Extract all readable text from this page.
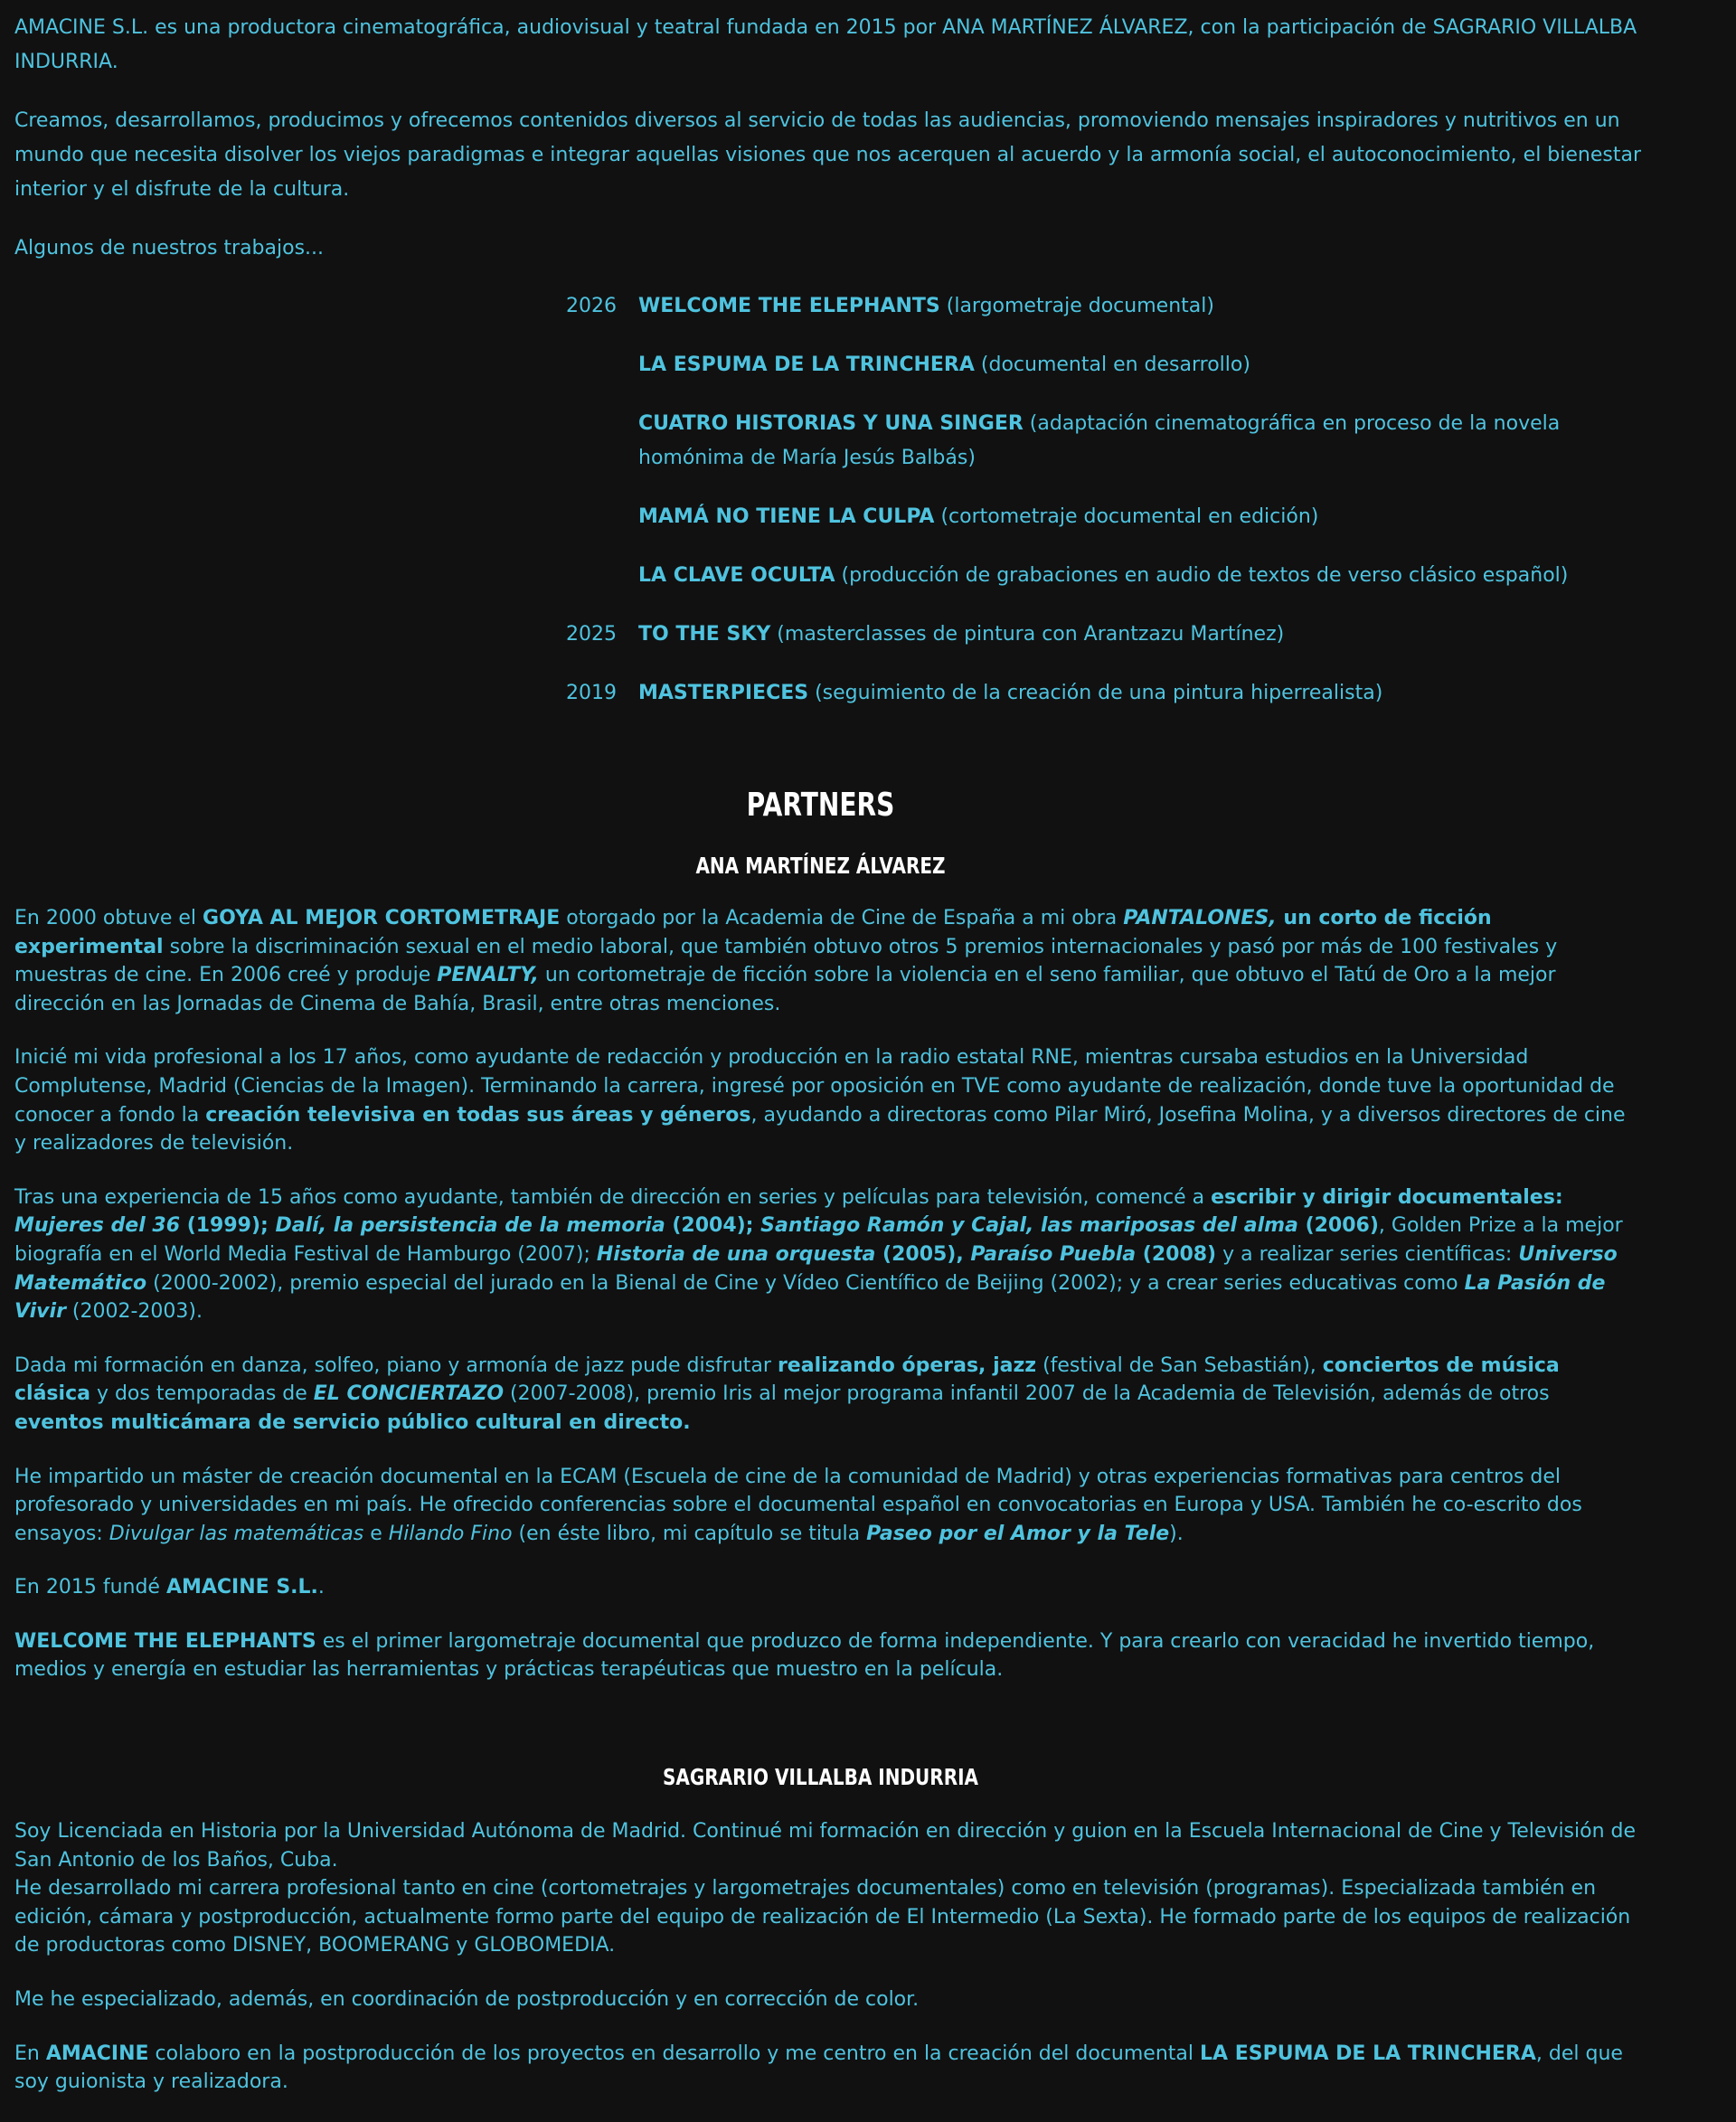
AMACINE S.L. es una productora cinematográfica, audiovisual y teatral fundada en 2015 por ANA MARTÍNEZ ÁLVAREZ, con la participación de SAGRARIO VILLALBA INDURRIA.

Creamos, desarrollamos, producimos y ofrecemos contenidos diversos al servicio de todas las audiencias, promoviendo mensajes inspiradores y nutritivos en un mundo que necesita disolver los viejos paradigmas e integrar aquellas visiones que nos acerquen al acuerdo y la armonía social, el autoconocimiento, el bienestar interior y el disfrute de la cultura.

Algunos de nuestros trabajos...

2026	WELCOME THE ELEPHANTS (largometraje documental)
LA ESPUMA DE LA TRINCHERA (documental en desarrollo)
CUATRO HISTORIAS Y UNA SINGER (adaptación cinematográfica en proceso de la novela homónima de María Jesús Balbás)
MAMÁ NO TIENE LA CULPA (cortometraje documental en edición)
LA CLAVE OCULTA (producción de grabaciones en audio de textos de verso clásico español)
2025	TO THE SKY (masterclasses de pintura con Arantzazu Martínez)
2019	MASTERPIECES (seguimiento de la creación de una pintura hiperrealista)
PARTNERS
ANA MARTÍNEZ ÁLVAREZ

En 2000 obtuve el GOYA AL MEJOR CORTOMETRAJE otorgado por la Academia de Cine de España a mi obra PANTALONES, un corto de ficción experimental sobre la discriminación sexual en el medio laboral, que también obtuvo otros 5 premios internacionales y pasó por más de 100 festivales y muestras de cine. En 2006 creé y produje PENALTY, un cortometraje de ficción sobre la violencia en el seno familiar, que obtuvo el Tatú de Oro a la mejor dirección en las Jornadas de Cinema de Bahía, Brasil, entre otras menciones.

Inicié mi vida profesional a los 17 años, como ayudante de redacción y producción en la radio estatal RNE, mientras cursaba estudios en la Universidad Complutense, Madrid (Ciencias de la Imagen). Terminando la carrera, ingresé por oposición en TVE como ayudante de realización, donde tuve la oportunidad de conocer a fondo la creación televisiva en todas sus áreas y géneros, ayudando a directoras como Pilar Miró, Josefina Molina, y a diversos directores de cine y realizadores de televisión.

Tras una experiencia de 15 años como ayudante, también de dirección en series y películas para televisión, comencé a escribir y dirigir documentales: Mujeres del 36 (1999); Dalí, la persistencia de la memoria (2004); Santiago Ramón y Cajal, las mariposas del alma (2006), Golden Prize a la mejor biografía en el World Media Festival de Hamburgo (2007); Historia de una orquesta (2005), Paraíso Puebla (2008) y a realizar series científicas: Universo Matemático (2000-2002), premio especial del jurado en la Bienal de Cine y Vídeo Científico de Beijing (2002); y a crear series educativas como La Pasión de Vivir (2002-2003).

Dada mi formación en danza, solfeo, piano y armonía de jazz pude disfrutar realizando óperas, jazz (festival de San Sebastián), conciertos de música clásica y dos temporadas de EL CONCIERTAZO (2007-2008), premio Iris al mejor programa infantil 2007 de la Academia de Televisión, además de otros eventos multicámara de servicio público cultural en directo.

He impartido un máster de creación documental en la ECAM (Escuela de cine de la comunidad de Madrid) y otras experiencias formativas para centros del profesorado y universidades en mi país. He ofrecido conferencias sobre el documental español en convocatorias en Europa y USA. También he co-escrito dos ensayos: Divulgar las matemáticas e Hilando Fino (en éste libro, mi capítulo se titula Paseo por el Amor y la Tele).

En 2015 fundé AMACINE S.L..

WELCOME THE ELEPHANTS es el primer largometraje documental que produzco de forma independiente. Y para crearlo con veracidad he invertido tiempo, medios y energía en estudiar las herramientas y prácticas terapéuticas que muestro en la película.

SAGRARIO VILLALBA INDURRIA

Soy Licenciada en Historia por la Universidad Autónoma de Madrid. Continué mi formación en dirección y guion en la Escuela Internacional de Cine y Televisión de San Antonio de los Baños, Cuba.

He desarrollado mi carrera profesional tanto en cine (cortometrajes y largometrajes documentales) como en televisión (programas). Especializada también en edición, cámara y postproducción, actualmente formo parte del equipo de realización de El Intermedio (La Sexta). He formado parte de los equipos de realización de productoras como DISNEY, BOOMERANG y GLOBOMEDIA.

Me he especializado, además, en coordinación de postproducción y en corrección de color.

En AMACINE colaboro en la postproducción de los proyectos en desarrollo y me centro en la creación del documental LA ESPUMA DE LA TRINCHERA, del que soy guionista y realizadora.
